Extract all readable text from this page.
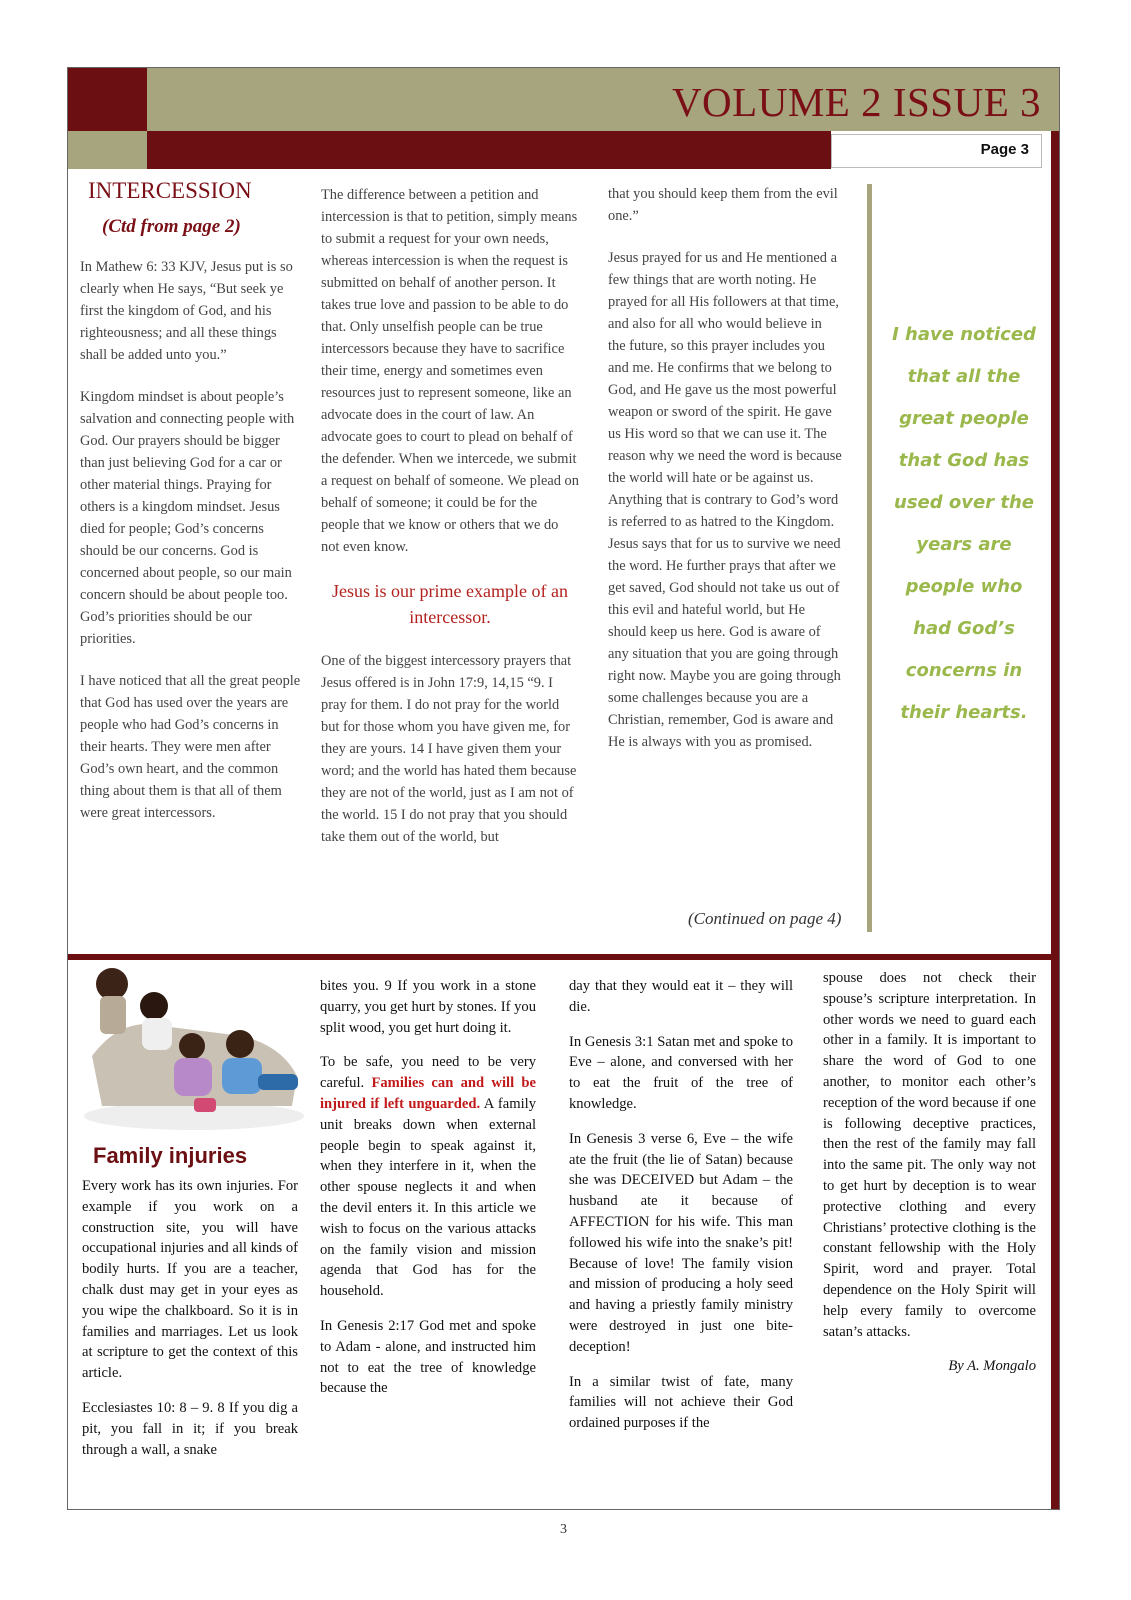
VOLUME 2 ISSUE 3
Page 3
INTERCESSION
(Ctd from page 2)

In Mathew 6: 33 KJV, Jesus put is so clearly when He says, “But seek ye first the kingdom of God, and his righteousness; and all these things shall be added unto you.”

Kingdom mindset is about people’s salvation and connecting people with God. Our prayers should be bigger than just believing God for a car or other material things. Praying for others is a kingdom mindset. Jesus died for people; God’s concerns should be our concerns. God is concerned about people, so our main concern should be about people too. God’s priorities should be our priorities.

I have noticed that all the great people that God has used over the years are people who had God’s concerns in their hearts. They were men after God’s own heart, and the common thing about them is that all of them were great intercessors.

The difference between a petition and intercession is that to petition, simply means to submit a request for your own needs, whereas intercession is when the request is submitted on behalf of another person. It takes true love and passion to be able to do that. Only unselfish people can be true intercessors because they have to sacrifice their time, energy and sometimes even resources just to represent someone, like an advocate does in the court of law. An advocate goes to court to plead on behalf of the defender. When we intercede, we submit a request on behalf of someone. We plead on behalf of someone; it could be for the people that we know or others that we do not even know.

Jesus is our prime example of an intercessor.

One of the biggest intercessory prayers that Jesus offered is in John 17:9, 14,15 “9. I pray for them. I do not pray for the world but for those whom you have given me, for they are yours. 14 I have given them your word; and the world has hated them because they are not of the world, just as I am not of the world. 15 I do not pray that you should take them out of the world, but

that you should keep them from the evil one.”

Jesus prayed for us and He mentioned a few things that are worth noting. He prayed for all His followers at that time, and also for all who would believe in the future, so this prayer includes you and me. He confirms that we belong to God, and He gave us the most powerful weapon or sword of the spirit. He gave us His word so that we can use it. The reason why we need the word is because the world will hate or be against us. Anything that is contrary to God’s word is referred to as hatred to the Kingdom. Jesus says that for us to survive we need the word. He further prays that after we get saved, God should not take us out of this evil and hateful world, but He should keep us here. God is aware of any situation that you are going through right now. Maybe you are going through some challenges because you are a Christian, remember, God is aware and He is always with you as promised.

(Continued on page 4)
I have noticed that all the great people that God has used over the years are people who had God’s concerns in their hearts.
Family injuries

Every work has its own injuries. For example if you work on a construction site, you will have occupational injuries and all kinds of bodily hurts. If you are a teacher, chalk dust may get in your eyes as you wipe the chalkboard. So it is in families and marriages. Let us look at scripture to get the context of this article.

Ecclesiastes 10: 8 – 9. 8 If you dig a pit, you fall in it; if you break through a wall, a snake

bites you. 9 If you work in a stone quarry, you get hurt by stones. If you split wood, you get hurt doing it.

To be safe, you need to be very careful. Families can and will be injured if left unguarded. A family unit breaks down when external people begin to speak against it, when they interfere in it, when the other spouse neglects it and when the devil enters it. In this article we wish to focus on the various attacks on the family vision and mission agenda that God has for the household.

In Genesis 2:17 God met and spoke to Adam - alone, and instructed him not to eat the tree of knowledge because the

day that they would eat it – they will die.

In Genesis 3:1 Satan met and spoke to Eve – alone, and conversed with her to eat the fruit of the tree of knowledge.

In Genesis 3 verse 6, Eve – the wife ate the fruit (the lie of Satan) because she was DECEIVED but Adam – the husband ate it because of AFFECTION for his wife. This man followed his wife into the snake’s pit! Because of love! The family vision and mission of producing a holy seed and having a priestly family ministry were destroyed in just one bite-deception!

In a similar twist of fate, many families will not achieve their God ordained purposes if the

spouse does not check their spouse’s scripture interpretation. In other words we need to guard each other in a family. It is important to share the word of God to one another, to monitor each other’s reception of the word because if one is following deceptive practices, then the rest of the family may fall into the same pit. The only way not to get hurt by deception is to wear protective clothing and every Christians’ protective clothing is the constant fellowship with the Holy Spirit, word and prayer. Total dependence on the Holy Spirit will help every family to overcome satan’s attacks.

By A. Mongalo

3
